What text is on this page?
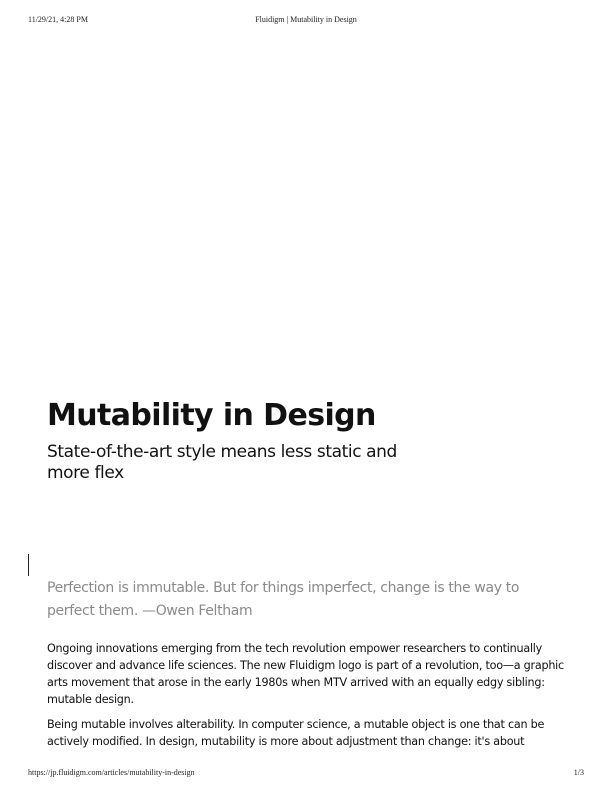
11/29/21, 4:28 PM	Fluidigm | Mutability in Design
Mutability in Design
State-of-the-art style means less static and more flex

Perfection is immutable. But for things imperfect, change is the way to perfect them. —Owen Feltham

Ongoing innovations emerging from the tech revolution empower researchers to continually discover and advance life sciences. The new Fluidigm logo is part of a revolution, too—a graphic arts movement that arose in the early 1980s when MTV arrived with an equally edgy sibling: mutable design.

Being mutable involves alterability. In computer science, a mutable object is one that can be actively modified. In design, mutability is more about adjustment than change: it's about

https://jp.fluidigm.com/articles/mutability-in-design	1/3
